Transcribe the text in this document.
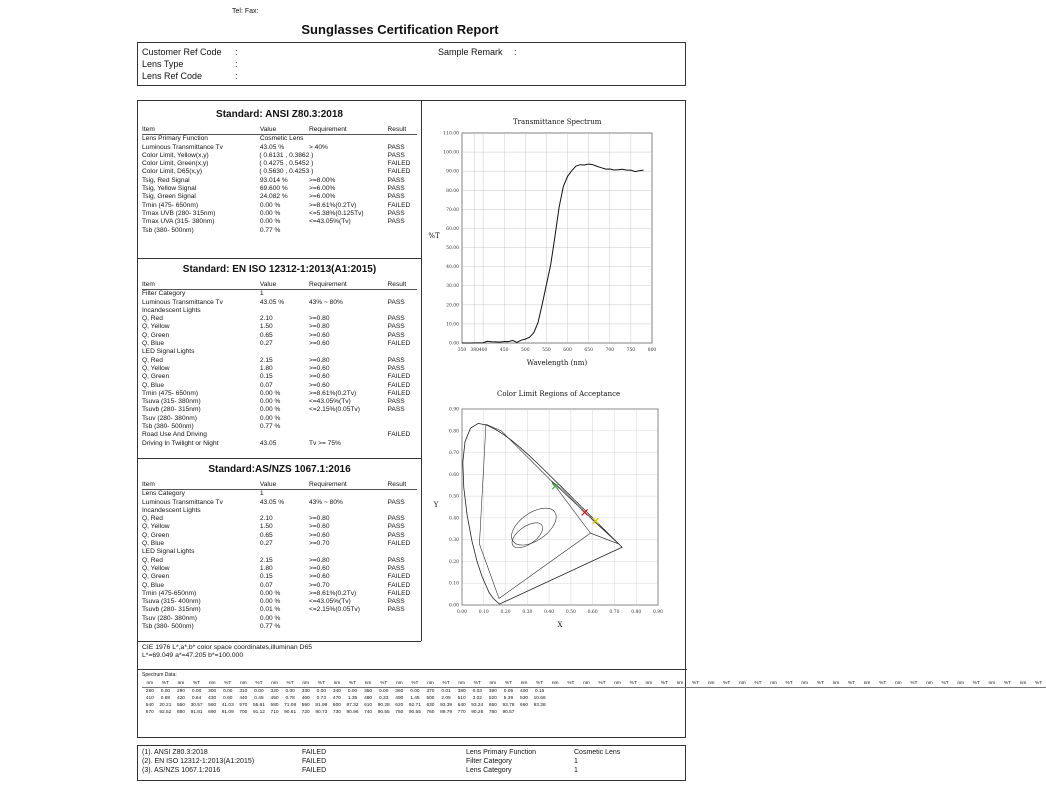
Tel: Fax:
Sunglasses Certification Report
Customer Ref Code :
Lens Type	:
Lens Ref Code	:
Sample Remark :
Standard: ANSI Z80.3:2018
Item	Value	Requirement	Result
Lens Primary Function	Cosmetic Lens
Luminous Transmittance Tv	43.05 %	> 40%	PASS
Color Limit, Yellow(x,y)	( 0.6131 , 0.3862 )	PASS
Color Limit, Green(x,y)	( 0.4275 , 0.5452 )	FAILED
Color Limit, D65(x,y)	( 0.5630 , 0.4253 )	FAILED
Tsig, Red Signal	93.014 %	>=8.00%	PASS
Tsig, Yellow Signal	69.600 %	>=6.00%	PASS
Tsig, Green Signal	24.082 %	>=6.00%	PASS
Tmin (475- 650nm)	0.00 %	>=8.61%(0.2Tv)	FAILED
Tmax UVB (280- 315nm)	0.00 %	<=5.38%(0.125Tv)	PASS
Tmax UVA (315- 380nm)	0.00 %	<=43.05%(Tv)	PASS
Tsb (380- 500nm)	0.77 %
Standard: EN ISO 12312-1:2013(A1:2015)
Item	Value	Requirement	Result
Filter Category	1
Luminous Transmittance Tv	43.05 %	43% ~ 80%	PASS
Incandescent Lights
Q, Red	2.10	>=0.80	PASS
Q, Yellow	1.50	>=0.80	PASS
Q, Green	0.65	>=0.60	PASS
Q, Blue	0.27	>=0.60	FAILED
LED Signal Lights
Q, Red	2.15	>=0.80	PASS
Q, Yellow	1.80	>=0.60	PASS
Q, Green	0.15	>=0.60	FAILED
Q, Blue	0.07	>=0.60	FAILED
Tmin (475- 650nm)	0.00 %	>=8.61%(0.2Tv)	FAILED
Tsuva (315- 380nm)	0.00 %	<=43.05%(Tv)	PASS
Tsuvb (280- 315nm)	0.00 %	<=2.15%(0.05Tv)	PASS
Tsuv (280- 380nm)	0.00 %
Tsb (380- 500nm)	0.77 %
Road Use And Driving	FAILED
Driving In Twilight or Night	43.05	Tv >= 75%
Standard:AS/NZS 1067.1:2016
Item	Value	Requirement	Result
Lens Category	1
Luminous Transmittance Tv	43.05 %	43% ~ 80%	PASS
Incandescent Lights
Q, Red	2.10	>=0.80	PASS
Q, Yellow	1.50	>=0.60	PASS
Q, Green	0.65	>=0.60	PASS
Q, Blue	0.27	>=0.70	FAILED
LED Signal Lights
Q, Red	2.15	>=0.80	PASS
Q, Yellow	1.80	>=0.60	PASS
Q, Green	0.15	>=0.60	FAILED
Q, Blue	0.07	>=0.70	FAILED
Tmin (475-650nm)	0.00 %	>=8.61%(0.2Tv)	FAILED
Tsuva (315- 400nm)	0.00 %	<=43.05%(Tv)	PASS
Tsuvb (280- 315nm)	0.01 %	<=2.15%(0.05Tv)	PASS
Tsuv (280- 380nm)	0.00 %
Tsb (380- 500nm)	0.77 %
CIE 1976 L*,a*,b* color space coordinates,illuminan D65
L*=69.049 a*=47.205 b*=100.000
Transmittance Spectrum
0.00
10.00
20.00
30.00
40.00
50.00
60.00
70.00
80.00
90.00
100.00
110.00
350 380 400	450	500	550	600	650	700	750	800
Wavelength (nm)
%T
Color Limit Regions of Acceptance
0.00
0.00
0.10
0.10
0.20
0.20
0.30
0.30
0.40
0.40
0.50
0.50
0.60
0.60
0.70
0.70
0.80
0.80
0.90
0.90
X
Y
Spectrum Data:
nm	%T	nm	%T	nm	%T	nm	%T	nm	%T	nm	%T	nm	%T	nm	%T	nm	%T	nm	%T	nm	%T	nm	%T	nm	%T	nm	%T	nm	%T	nm	%T	nm	%T	nm	%T	nm	%T	nm	%T	nm	%T	nm	%T	nm	%T	nm	%T	nm	%T	nm	%T	nm	%T	nm	%T	nm	%T
280	0.00	290	0.00	300	0.00	310	0.00	320	0.00	330	0.00	340	0.00	350	0.00	360	0.00	370	0.01	380	0.03	390	0.05	400	0.15
410	0.88	420	0.64	430	0.60	440	0.45	450	0.78	460	0.73	470	1.35	480	0.33	490	1.45	500	2.05	510	3.02	520	5.39	530	10.66
540	20.21	550	30.57	560	41.03	570	55.61	580	71.08	590	81.99	600	87.32	610	90.28	620	92.71	630	93.39	640	93.24	650	93.78	660	93.38
670	92.52	680	91.81	690	91.09	700	91.12	710	90.61	720	90.73	730	90.96	740	90.55	750	90.55	760	89.79	770	90.26	780	90.57
(1). ANSI Z80.3:2018	FAILED
(2). EN ISO 12312-1:2013(A1:2015)	FAILED
(3). AS/NZS 1067.1:2016	FAILED
Lens Primary Function	Cosmetic Lens
Filter Category	1
Lens Category	1
